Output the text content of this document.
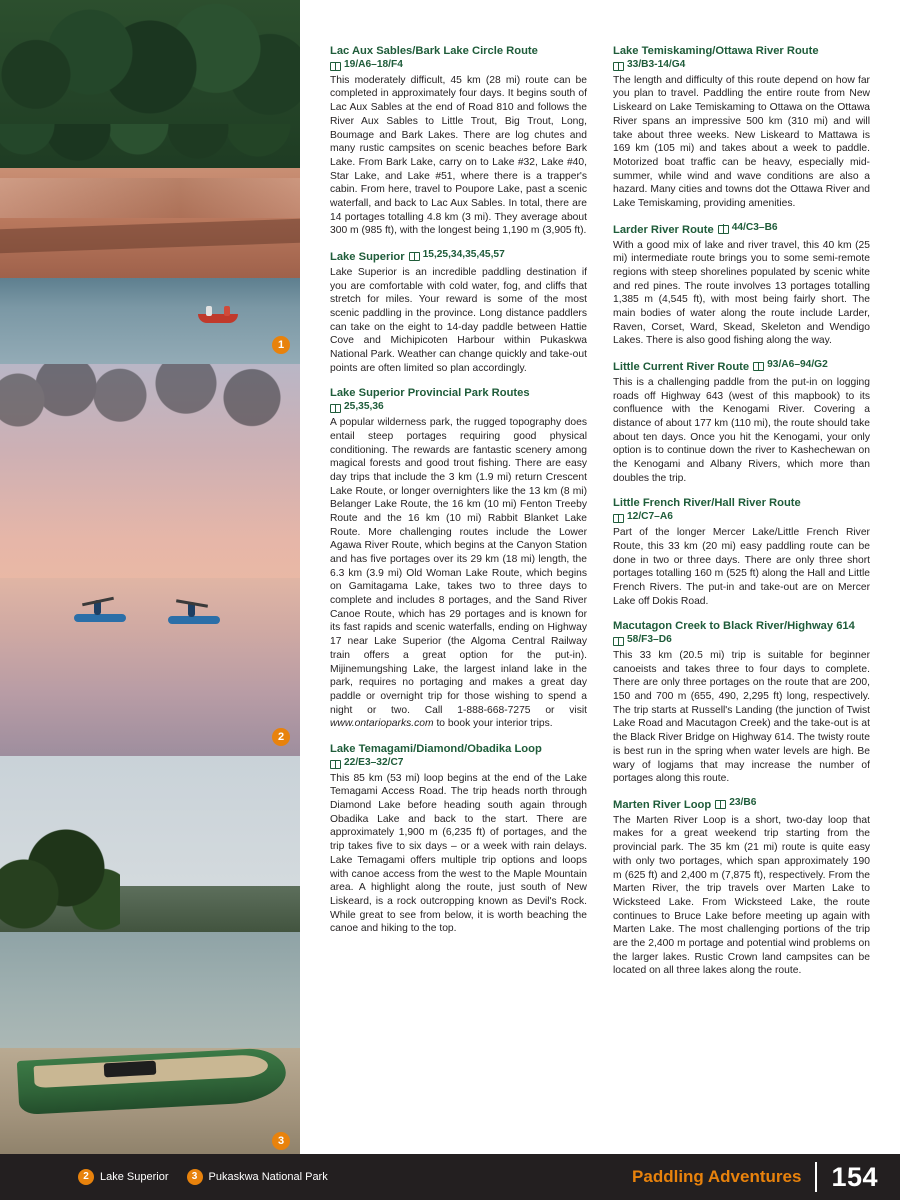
1
2
3
Lac Aux Sables/Bark Lake Circle Route
19/A6–18/F4

This moderately difficult, 45 km (28 mi) route can be completed in approximately four days. It begins south of Lac Aux Sables at the end of Road 810 and follows the River Aux Sables to Little Trout, Big Trout, Long, Boumage and Bark Lakes. There are log chutes and many rustic campsites on scenic beaches before Bark Lake. From Bark Lake, carry on to Lake #32, Lake #40, Star Lake, and Lake #51, where there is a trapper's cabin. From here, travel to Poupore Lake, past a scenic waterfall, and back to Lac Aux Sables. In total, there are 14 portages totalling 4.8 km (3 mi). They average about 300 m (985 ft), with the longest being 1,190 m (3,905 ft).

Lake Superior 15,25,34,35,45,57

Lake Superior is an incredible paddling destination if you are comfortable with cold water, fog, and cliffs that stretch for miles. Your reward is some of the most scenic paddling in the province. Long distance paddlers can take on the eight to 14-day paddle between Hattie Cove and Michipicoten Harbour within Pukaskwa National Park. Weather can change quickly and take-out points are often limited so plan accordingly.

Lake Superior Provincial Park Routes
25,35,36

A popular wilderness park, the rugged topography does entail steep portages requiring good physical conditioning. The rewards are fantastic scenery among magical forests and good trout fishing. There are easy day trips that include the 3 km (1.9 mi) return Crescent Lake Route, or longer overnighters like the 13 km (8 mi) Belanger Lake Route, the 16 km (10 mi) Fenton Treeby Route and the 16 km (10 mi) Rabbit Blanket Lake Route. More challenging routes include the Lower Agawa River Route, which begins at the Canyon Station and has five portages over its 29 km (18 mi) length, the 6.3 km (3.9 mi) Old Woman Lake Route, which begins on Gamitagama Lake, takes two to three days to complete and includes 8 portages, and the Sand River Canoe Route, which has 29 portages and is known for its fast rapids and scenic waterfalls, ending on Highway 17 near Lake Superior (the Algoma Central Railway train offers a great option for the put-in). Mijinemungshing Lake, the largest inland lake in the park, requires no portaging and makes a great day paddle or overnight trip for those wishing to spend a night or two. Call 1-888-668-7275 or visit www.ontarioparks.com to book your interior trips.

Lake Temagami/Diamond/Obadika Loop
22/E3–32/C7

This 85 km (53 mi) loop begins at the end of the Lake Temagami Access Road. The trip heads north through Diamond Lake before heading south again through Obadika Lake and back to the start. There are approximately 1,900 m (6,235 ft) of portages, and the trip takes five to six days – or a week with rain delays. Lake Temagami offers multiple trip options and loops with canoe access from the west to the Maple Mountain area. A highlight along the route, just south of New Liskeard, is a rock outcropping known as Devil's Rock. While great to see from below, it is worth beaching the canoe and hiking to the top.

Lake Temiskaming/Ottawa River Route
33/B3-14/G4

The length and difficulty of this route depend on how far you plan to travel. Paddling the entire route from New Liskeard on Lake Temiskaming to Ottawa on the Ottawa River spans an impressive 500 km (310 mi) and will take about three weeks. New Liskeard to Mattawa is 169 km (105 mi) and takes about a week to paddle. Motorized boat traffic can be heavy, especially mid-summer, while wind and wave conditions are also a hazard. Many cities and towns dot the Ottawa River and Lake Temiskaming, providing amenities.

Larder River Route 44/C3–B6

With a good mix of lake and river travel, this 40 km (25 mi) intermediate route brings you to some semi-remote regions with steep shorelines populated by scenic white and red pines. The route involves 13 portages totalling 1,385 m (4,545 ft), with most being fairly short. The main bodies of water along the route include Larder, Raven, Corset, Ward, Skead, Skeleton and Wendigo Lakes. There is also good fishing along the way.

Little Current River Route 93/A6–94/G2

This is a challenging paddle from the put-in on logging roads off Highway 643 (west of this mapbook) to its confluence with the Kenogami River. Covering a distance of about 177 km (110 mi), the route should take about ten days. Once you hit the Kenogami, your only option is to continue down the river to Kashechewan on the Kenogami and Albany Rivers, which more than doubles the trip.

Little French River/Hall River Route
12/C7–A6

Part of the longer Mercer Lake/Little French River Route, this 33 km (20 mi) easy paddling route can be done in two or three days. There are only three short portages totalling 160 m (525 ft) along the Hall and Little French Rivers. The put-in and take-out are on Mercer Lake off Dokis Road.

Macutagon Creek to Black River/Highway 614
58/F3–D6

This 33 km (20.5 mi) trip is suitable for beginner canoeists and takes three to four days to complete. There are only three portages on the route that are 200, 150 and 700 m (655, 490, 2,295 ft) long, respectively. The trip starts at Russell's Landing (the junction of Twist Lake Road and Macutagon Creek) and the take-out is at the Black River Bridge on Highway 614. The twisty route is best run in the spring when water levels are high. Be wary of logjams that may increase the number of portages along this route.

Marten River Loop 23/B6

The Marten River Loop is a short, two-day loop that makes for a great weekend trip starting from the provincial park. The 35 km (21 mi) route is quite easy with only two portages, which span approximately 190 m (625 ft) and 2,400 m (7,875 ft), respectively. From the Marten River, the trip travels over Marten Lake to Wicksteed Lake. From Wicksteed Lake, the route continues to Bruce Lake before meeting up again with Marten Lake. The most challenging portions of the trip are the 2,400 m portage and potential wind problems on the larger lakes. Rustic Crown land campsites can be located on all three lakes along the route.

2	Lake Superior	3	Pukaskwa National Park	Paddling Adventures 154
